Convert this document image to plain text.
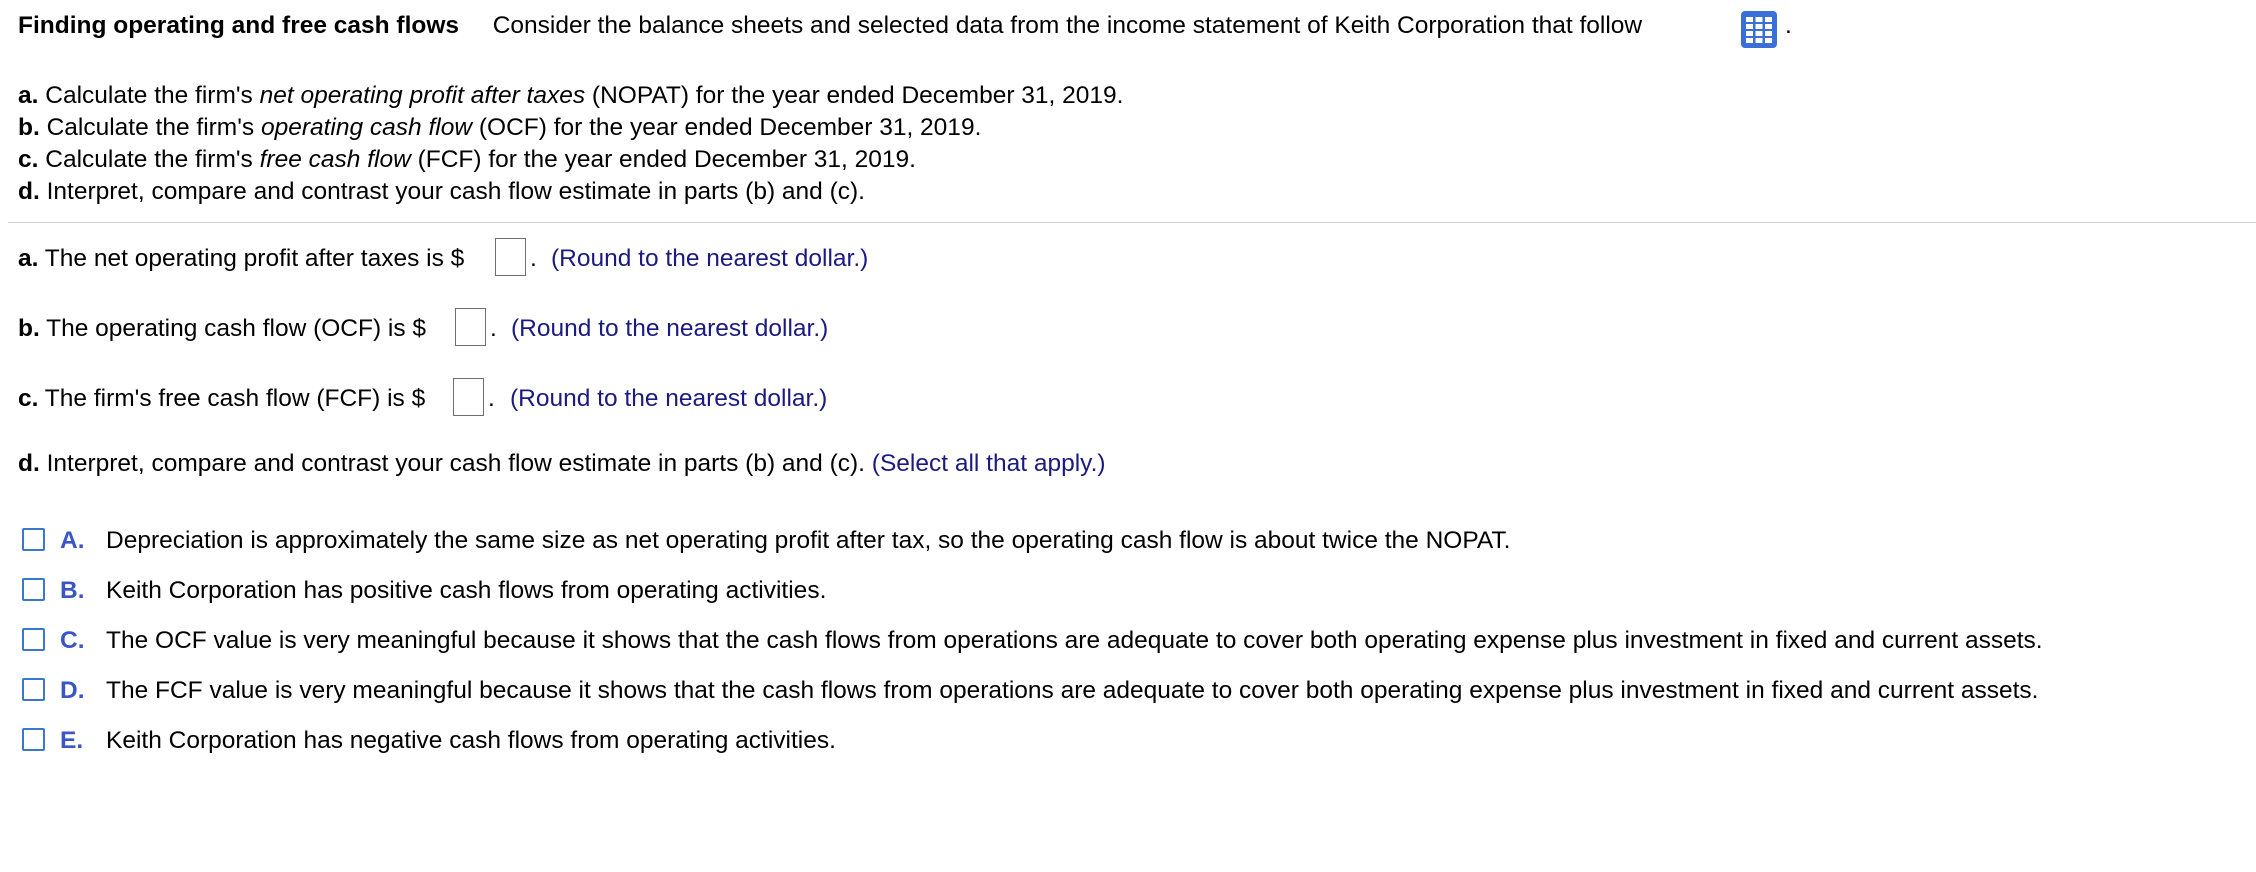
Finding operating and free cash flows Consider the balance sheets and selected data from the income statement of Keith Corporation that follow	.
a. Calculate the firm's net operating profit after taxes (NOPAT) for the year ended December 31, 2019.
b. Calculate the firm's operating cash flow (OCF) for the year ended December 31, 2019.
c. Calculate the firm's free cash flow (FCF) for the year ended December 31, 2019.
d. Interpret, compare and contrast your cash flow estimate in parts (b) and (c).
a. The net operating profit after taxes is $	. (Round to the nearest dollar.)
b. The operating cash flow (OCF) is $	. (Round to the nearest dollar.)
c. The firm's free cash flow (FCF) is $	. (Round to the nearest dollar.)
d. Interpret, compare and contrast your cash flow estimate in parts (b) and (c). (Select all that apply.)
A. Depreciation is approximately the same size as net operating profit after tax, so the operating cash flow is about twice the NOPAT.
B. Keith Corporation has positive cash flows from operating activities.
C. The OCF value is very meaningful because it shows that the cash flows from operations are adequate to cover both operating expense plus investment in fixed and current assets.
D. The FCF value is very meaningful because it shows that the cash flows from operations are adequate to cover both operating expense plus investment in fixed and current assets.
E. Keith Corporation has negative cash flows from operating activities.
